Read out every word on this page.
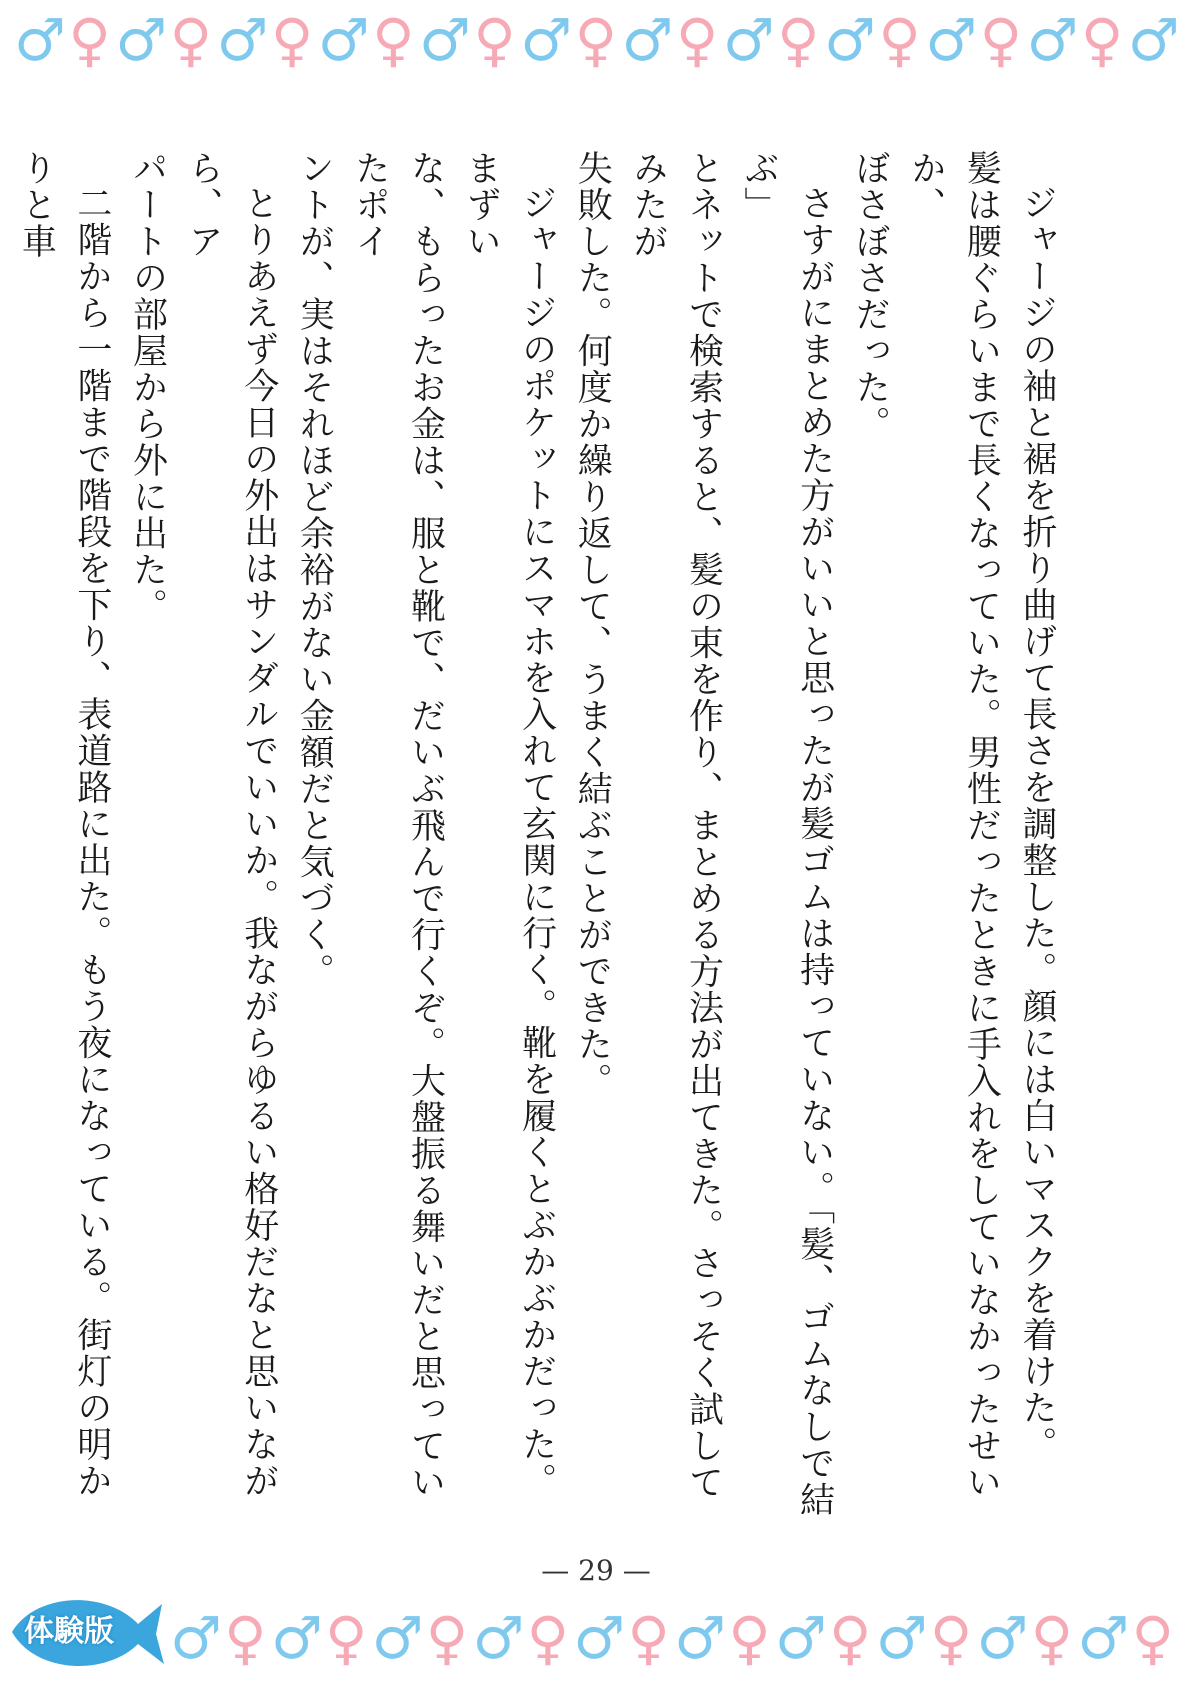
♂ ♀ ♂ ♀ ♂ ♀ ♂ ♀ ♂ ♀ ♂ ♀ ♂ ♀ ♂ ♀ ♂ ♀ ♂ ♀ ♂ ♀ ♂

ジャージの袖と裾を折り曲げて長さを調整した。顔には白いマスクを着けた。
髪は腰ぐらいまで長くなっていた。男性だったときに手入れをしていなかったせいか、
ぼさぼさだった。

さすがにまとめた方がいいと思ったが髪ゴムは持っていない。「髪、ゴムなしで結ぶ」
とネットで検索すると、髪の束を作り、まとめる方法が出てきた。さっそく試してみたが
失敗した。何度か繰り返して、うまく結ぶことができた。

ジャージのポケットにスマホを入れて玄関に行く。靴を履くとぶかぶかだった。まずい
な、もらったお金は、服と靴で、だいぶ飛んで行くぞ。大盤振る舞いだと思っていたポイ
ントが、実はそれほど余裕がない金額だと気づく。

とりあえず今日の外出はサンダルでいいか。我ながらゆるい格好だなと思いながら、ア
パートの部屋から外に出た。

二階から一階まで階段を下り、表道路に出た。もう夜になっている。街灯の明かりと車

— 29 —
体験版 ♂ ♀ ♂ ♀ ♂ ♀ ♂ ♀ ♂ ♀ ♂ ♀ ♂ ♀ ♂ ♀ ♂ ♀ ♂ ♀
